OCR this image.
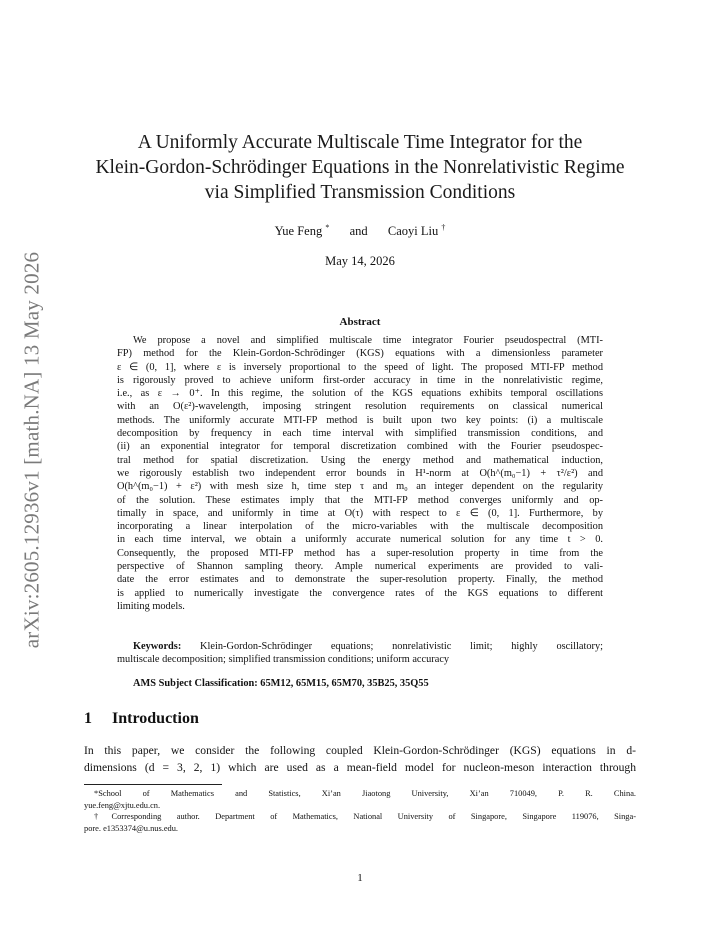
arXiv:2605.12936v1 [math.NA] 13 May 2026
A Uniformly Accurate Multiscale Time Integrator for the
Klein-Gordon-Schrödinger Equations in the Nonrelativistic Regime
via Simplified Transmission Conditions
Yue Feng * and Caoyi Liu †
May 14, 2026
Abstract
We propose a novel and simplified multiscale time integrator Fourier pseudospectral (MTI-
FP) method for the Klein-Gordon-Schrödinger (KGS) equations with a dimensionless parameter
ε ∈ (0, 1], where ε is inversely proportional to the speed of light. The proposed MTI-FP method
is rigorously proved to achieve uniform first-order accuracy in time in the nonrelativistic regime,
i.e., as ε → 0⁺. In this regime, the solution of the KGS equations exhibits temporal oscillations
with an O(ε²)-wavelength, imposing stringent resolution requirements on classical numerical
methods. The uniformly accurate MTI-FP method is built upon two key points: (i) a multiscale
decomposition by frequency in each time interval with simplified transmission conditions, and
(ii) an exponential integrator for temporal discretization combined with the Fourier pseudospec-
tral method for spatial discretization. Using the energy method and mathematical induction,
we rigorously establish two independent error bounds in H¹-norm at O(h^(m₀−1) + τ²/ε²) and
O(h^(m₀−1) + ε²) with mesh size h, time step τ and m₀ an integer dependent on the regularity
of the solution. These estimates imply that the MTI-FP method converges uniformly and op-
timally in space, and uniformly in time at O(τ) with respect to ε ∈ (0, 1]. Furthermore, by
incorporating a linear interpolation of the micro-variables with the multiscale decomposition
in each time interval, we obtain a uniformly accurate numerical solution for any time t > 0.
Consequently, the proposed MTI-FP method has a super-resolution property in time from the
perspective of Shannon sampling theory. Ample numerical experiments are provided to vali-
date the error estimates and to demonstrate the super-resolution property. Finally, the method
is applied to numerically investigate the convergence rates of the KGS equations to different
limiting models.
Keywords: Klein-Gordon-Schrödinger equations; nonrelativistic limit; highly oscillatory;
multiscale decomposition; simplified transmission conditions; uniform accuracy
AMS Subject Classification: 65M12, 65M15, 65M70, 35B25, 35Q55
1 Introduction
In this paper, we consider the following coupled Klein-Gordon-Schrödinger (KGS) equations in d-
dimensions (d = 3, 2, 1) which are used as a mean-field model for nucleon-meson interaction through
*School of Mathematics and Statistics, Xi’an Jiaotong University, Xi’an 710049, P. R. China.
yue.feng@xjtu.edu.cn.
†Corresponding author. Department of Mathematics, National University of Singapore, Singapore 119076, Singa-
pore. e1353374@u.nus.edu.
1
